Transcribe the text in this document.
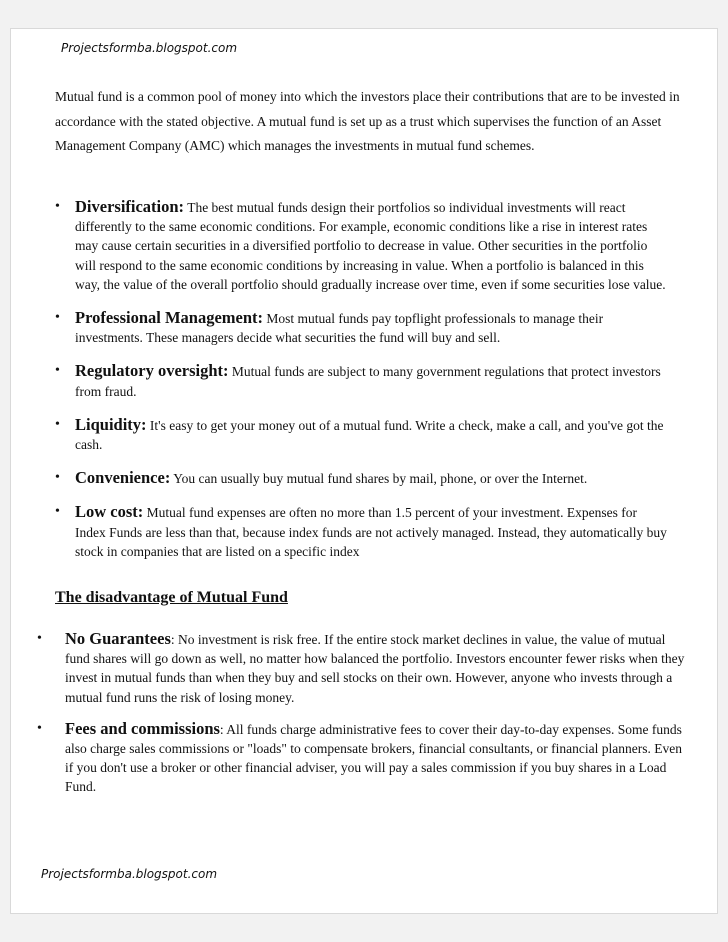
Projectsformba.blogspot.com

Mutual fund is a common pool of money into which the investors place their contributions that are to be invested in accordance with the stated objective. A mutual fund is set up as a trust which supervises the function of an Asset Management Company (AMC) which manages the investments in mutual fund schemes.

• Diversification: The best mutual funds design their portfolios so individual investments will react differently to the same economic conditions. For example, economic conditions like a rise in interest rates may cause certain securities in a diversified portfolio to decrease in value. Other securities in the portfolio will respond to the same economic conditions by increasing in value. When a portfolio is balanced in this way, the value of the overall portfolio should gradually increase over time, even if some securities lose value.
• Professional Management: Most mutual funds pay topflight professionals to manage their investments. These managers decide what securities the fund will buy and sell.
• Regulatory oversight: Mutual funds are subject to many government regulations that protect investors from fraud.
• Liquidity: It's easy to get your money out of a mutual fund. Write a check, make a call, and you've got the cash.
• Convenience: You can usually buy mutual fund shares by mail, phone, or over the Internet.
• Low cost: Mutual fund expenses are often no more than 1.5 percent of your investment. Expenses for Index Funds are less than that, because index funds are not actively managed. Instead, they automatically buy stock in companies that are listed on a specific index
The disadvantage of Mutual Fund
• No Guarantees: No investment is risk free. If the entire stock market declines in value, the value of mutual fund shares will go down as well, no matter how balanced the portfolio. Investors encounter fewer risks when they invest in mutual funds than when they buy and sell stocks on their own. However, anyone who invests through a mutual fund runs the risk of losing money.
• Fees and commissions: All funds charge administrative fees to cover their day-to-day expenses. Some funds also charge sales commissions or "loads" to compensate brokers, financial consultants, or financial planners. Even if you don't use a broker or other financial adviser, you will pay a sales commission if you buy shares in a Load Fund.
Projectsformba.blogspot.com
